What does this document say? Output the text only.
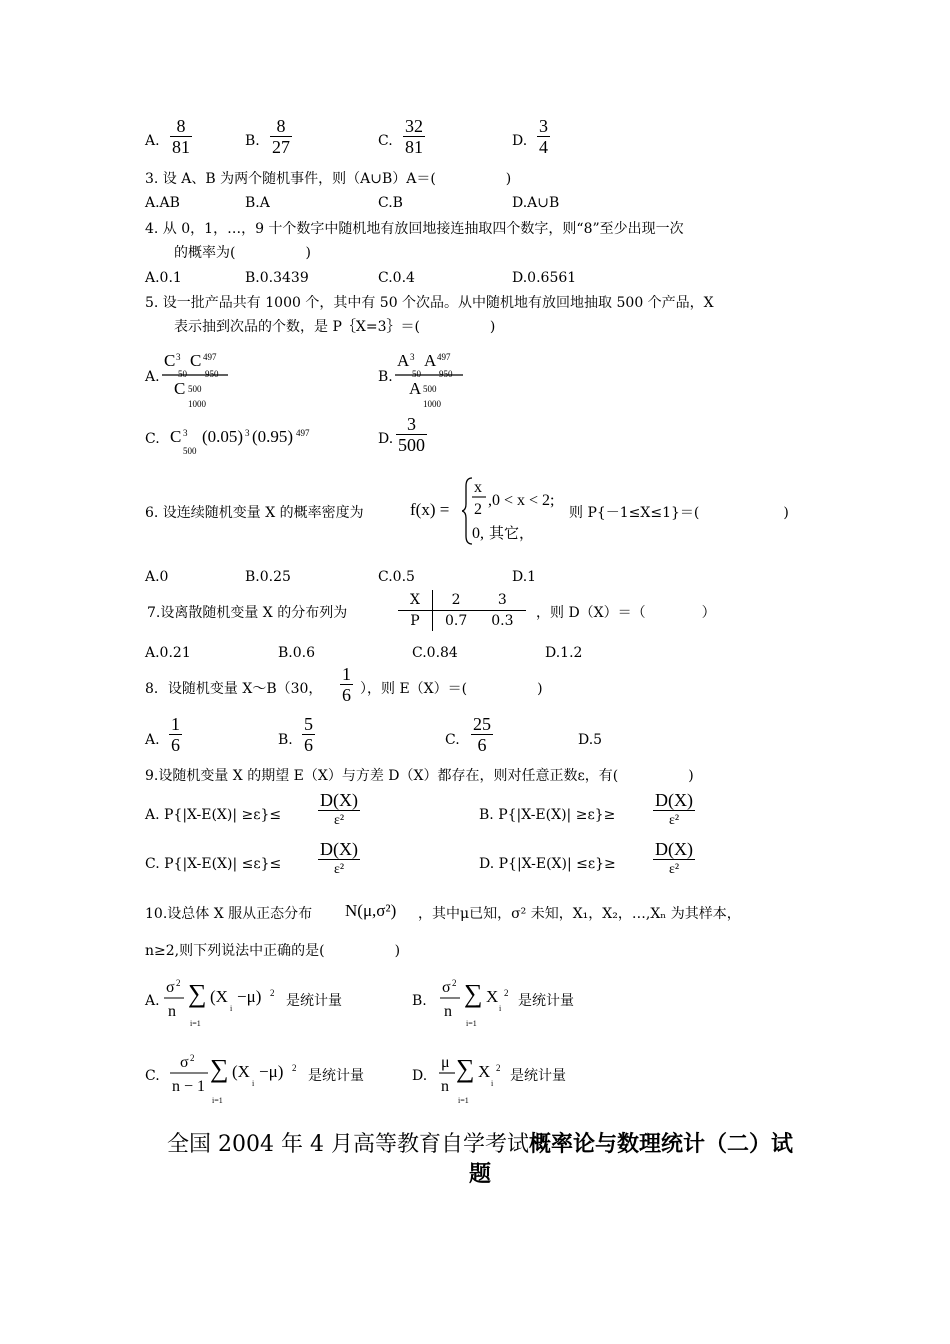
A.
8
81	B.
8
27	C.
32
81	D.
3
4
3. 设 A、B 为两个随机事件，则（A∪B）A＝(　　　　　)
A.AB	B.A	C.B	D.A∪B
4. 从 0，1，…，9 十个数字中随机地有放回地接连抽取四个数字，则“8”至少出现一次
的概率为(　　　　　)
A.0.1	B.0.3439	C.0.4	D.0.6561
5. 设一批产品共有 1000 个，其中有 50 个次品。从中随机地有放回地抽取 500 个产品，X
表示抽到次品的个数，是 P｛X=3｝＝(　　　　　)
A.
C 3
50
C 497
950
C 500
1000
B.
A 3
50
A 497
950
A 500
1000
C. C 3
500
(0.05) 3 (0.95) 497	D.
3
500
6. 设连续随机变量 X 的概率密度为	f(x) =
x
2
,0 < x < 2;
0, 其它，
则 P{－1≤X≤1}＝(　　　　　　)
A.0	B.0.25	C.0.5	D.1
7.设离散随机变量 X 的分布列为
X	2	3
P	0.7	0.3 ，则 D（X）＝（　　　　）
A.0.21	B.0.6	C.0.84	D.1.2
8．设随机变量 X～B（30，
1
6 ），则 E（X）＝(　　　　　)
A.
1
6	B.
5
6	C.
25
6	D.5
9.设随机变量 X 的期望 E（X）与方差 D（X）都存在，则对任意正数ε，有(　　　　　)
A. P{|X-E(X)| ≥ε}≤
D(X)
ε²	B. P{|X-E(X)| ≥ε}≥
D(X)
ε²
C. P{|X-E(X)| ≤ε}≤
D(X)
ε²	D. P{|X-E(X)| ≤ε}≥
D(X)
ε²
10.设总体 X 服从正态分布 N(μ,σ²) ，其中μ已知，σ² 未知，X₁，X₂，…,Xₙ 为其样本，
n≥2,则下列说法中正确的是(　　　　　)
A.
σ 2
n
∑
i=1
(X
i
−μ) 2 是统计量	B.
σ 2
n
∑
i=1
X
i
2 是统计量
C.
σ 2
n − 1
∑
i=1
(X
i
−μ) 2 是统计量	D.
μ
n
∑
i=1
X
i
2 是统计量
全国 2004 年 4 月高等教育自学考试概率论与数理统计（二）试
题
